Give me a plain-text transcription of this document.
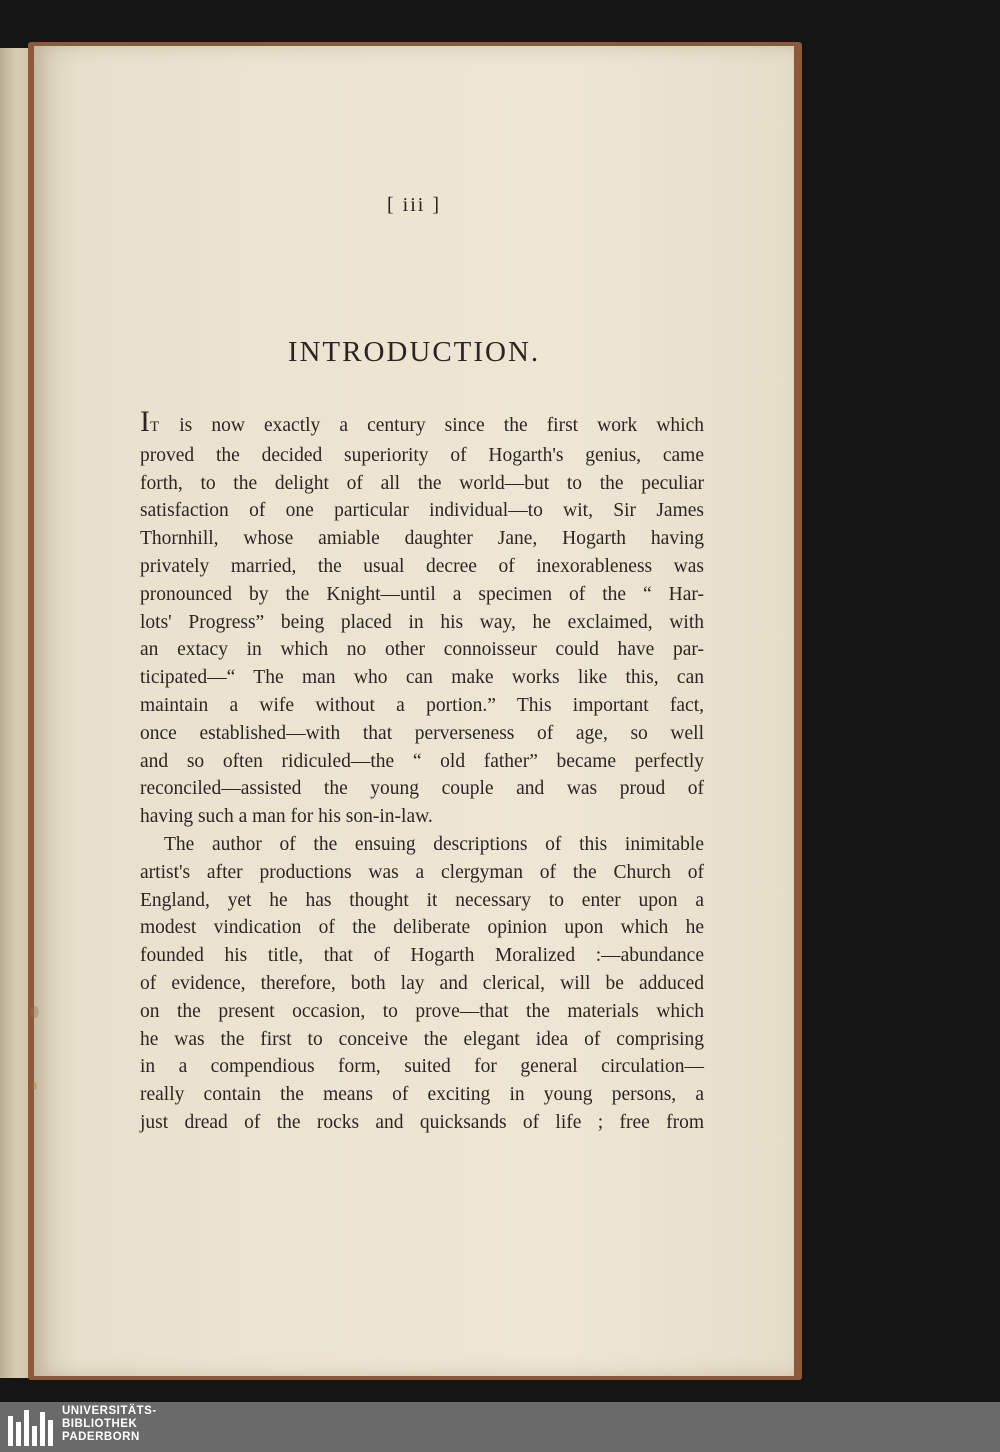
[ iii ]
INTRODUCTION.
IT is now exactly a century since the first work which
proved the decided superiority of Hogarth's genius, came
forth, to the delight of all the world—but to the peculiar
satisfaction of one particular individual—to wit, Sir James
Thornhill, whose amiable daughter Jane, Hogarth having
privately married, the usual decree of inexorableness was
pronounced by the Knight—until a specimen of the “ Har-
lots' Progress” being placed in his way, he exclaimed, with
an extacy in which no other connoisseur could have par-
ticipated—“ The man who can make works like this, can
maintain a wife without a portion.” This important fact,
once established—with that perverseness of age, so well
and so often ridiculed—the “ old father” became perfectly
reconciled—assisted the young couple and was proud of
having such a man for his son-in-law.
The author of the ensuing descriptions of this inimitable
artist's after productions was a clergyman of the Church of
England, yet he has thought it necessary to enter upon a
modest vindication of the deliberate opinion upon which he
founded his title, that of Hogarth Moralized :—abundance
of evidence, therefore, both lay and clerical, will be adduced
on the present occasion, to prove—that the materials which
he was the first to conceive the elegant idea of comprising
in a compendious form, suited for general circulation—
really contain the means of exciting in young persons, a
just dread of the rocks and quicksands of life ; free from
UNIVERSITÄTS-
BIBLIOTHEK
PADERBORN
